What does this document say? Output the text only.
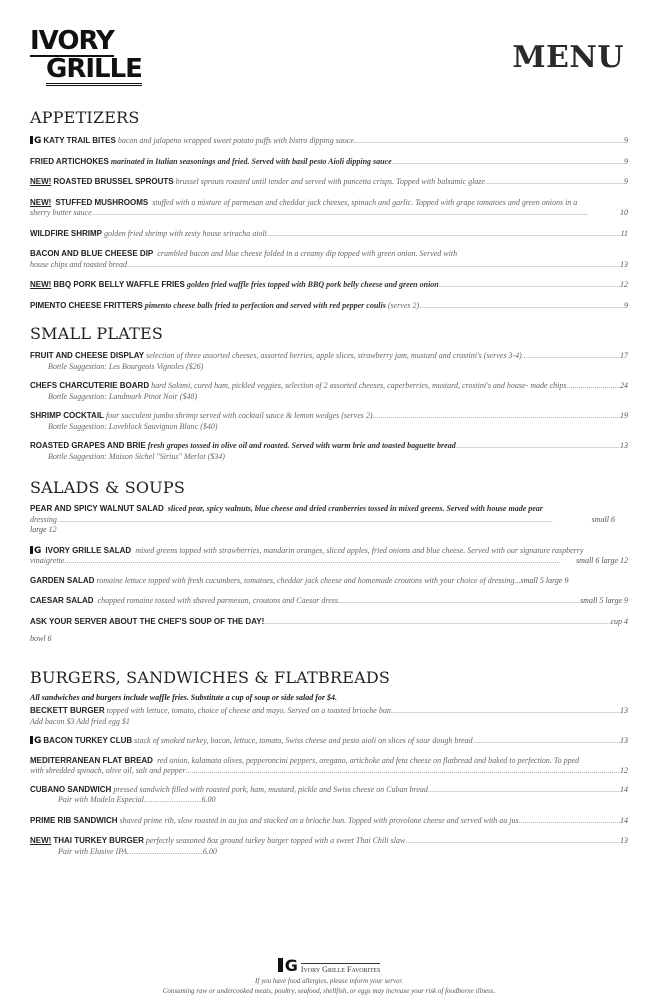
IVORY
GRILLE	MENU
APPETIZERS
G KATY TRAIL BITES
bacon and jalapeno wrapped sweet potato puffs with bistro dipping sauce. .....	9
FRIED ARTICHOKES
marinated in Italian seasonings and fried. Served with basil pesto Aioli dipping sauce .....	9
NEW!
ROASTED BRUSSEL SPROUTS
brussel sprouts roasted until tender and served with pancetta crisps. Topped with balsamic glaze .....	9
NEW! STUFFED MUSHROOMS stuffed with a mixture of parmesan and cheddar jack cheeses, spinach and garlic. Topped with grape tomatoes and green onions in a
sherry butter sauce .....	10
WILDFIRE SHRIMP
golden fried shrimp with zesty house sriracha aioli .....	11
BACON AND BLUE CHEESE DIP crumbled bacon and blue cheese folded in a creamy dip topped with green onion. Served with
house chips and toasted bread .....	13
NEW!
BBQ PORK BELLY WAFFLE FRIES
golden fried waffle fries topped with BBQ pork belly cheese and green onion .....	12
PIMENTO CHEESE FRITTERS
pimento cheese balls fried to perfection and served with red pepper coulis
(serves 2) .....	9
SMALL PLATES
FRUIT AND CHEESE DISPLAY
selection of three assorted cheeses, assorted berries, apple slices, strawberry jam, mustard and crostini's (serves 3-4) .....	17
Bottle Suggestion: Les Bourgeois Vignoles ($26)
CHEFS CHARCUTERIE BOARD
hard Salami, cured ham, pickled veggies, selection of 2 assorted cheeses, caperberries, mustard, crostini's and house- made chips .....	24
Bottle Suggestion: Landmark Pinot Noir ($48)
SHRIMP COCKTAIL
four succulent jumbo shrimp served with cocktail sauce & lemon wedges (serves 2) .....	19
Bottle Suggestion: Loveblock Sauvignon Blanc ($40)
ROASTED GRAPES AND BRIE
fresh grapes tossed in olive oil and roasted. Served with warm brie and toasted baguette bread .....	13
Bottle Suggestion: Maison Sichel "Sirius" Merlot ($34)
SALADS & SOUPS
PEAR AND SPICY WALNUT SALAD sliced pear, spicy walnuts, blue cheese and dried cranberries tossed in mixed greens. Served with house made pear
dressing .....	small 6
large 12
G IVORY GRILLE SALAD mixed greens topped with strawberries, mandarin oranges, sliced apples, fried onions and blue cheese. Served with our signature raspberry
vinaigrette .....	small 6 large 12
GARDEN SALAD
romaine lettuce topped with fresh cucumbers, tomatoes, cheddar jack cheese and homemade croutons with your choice of dressing... small 5 large 9
CAESAR SALAD
chopped romaine tossed with shaved parmesan, croutons and Caesar dress .....	small 5 large 9
ASK YOUR SERVER ABOUT THE CHEF'S SOUP OF THE DAY! .....	cup 4
bowl 6
BURGERS, SANDWICHES & FLATBREADS
All sandwiches and burgers include waffle fries. Substitute a cup of soup or side salad for $4.
BECKETT BURGER
topped with lettuce, tomato, choice of cheese and mayo. Served on a toasted brioche bun .....	13
Add bacon $3 Add fried egg $1
G BACON TURKEY CLUB
stack of smoked turkey, bacon, lettuce, tomato, Swiss cheese and pesto aioli on slices of sour dough bread .....	13
MEDITERRANEAN FLAT BREAD red onion, kalamata olives, pepperoncini peppers, oregano, artichoke and feta cheese on flatbread and baked to perfection. To pped
with shredded spinach, olive oil, salt and pepper .....	12
CUBANO SANDWICH
pressed sandwich filled with roasted pork, ham, mustard, pickle and Swiss cheese on Cuban bread .....	14
Pair with Modelo Especial.........................6.00
PRIME RIB SANDWICH
shaved prime rib, slow roasted in au jus and stacked on a brioche bun. Topped with provolone cheese and served with au jus .....	14
NEW!
THAI TURKEY BURGER
perfectly seasoned 8oz ground turkey burger topped with a sweet Thai Chili slaw .....	13
Pair with Elusive IPA.................................6.00
G Ivory Grille Favorites
If you have food allergies, please inform your server.
Consuming raw or undercooked meats, poultry, seafood, shellfish, or eggs may increase your risk of foodborne illness.
